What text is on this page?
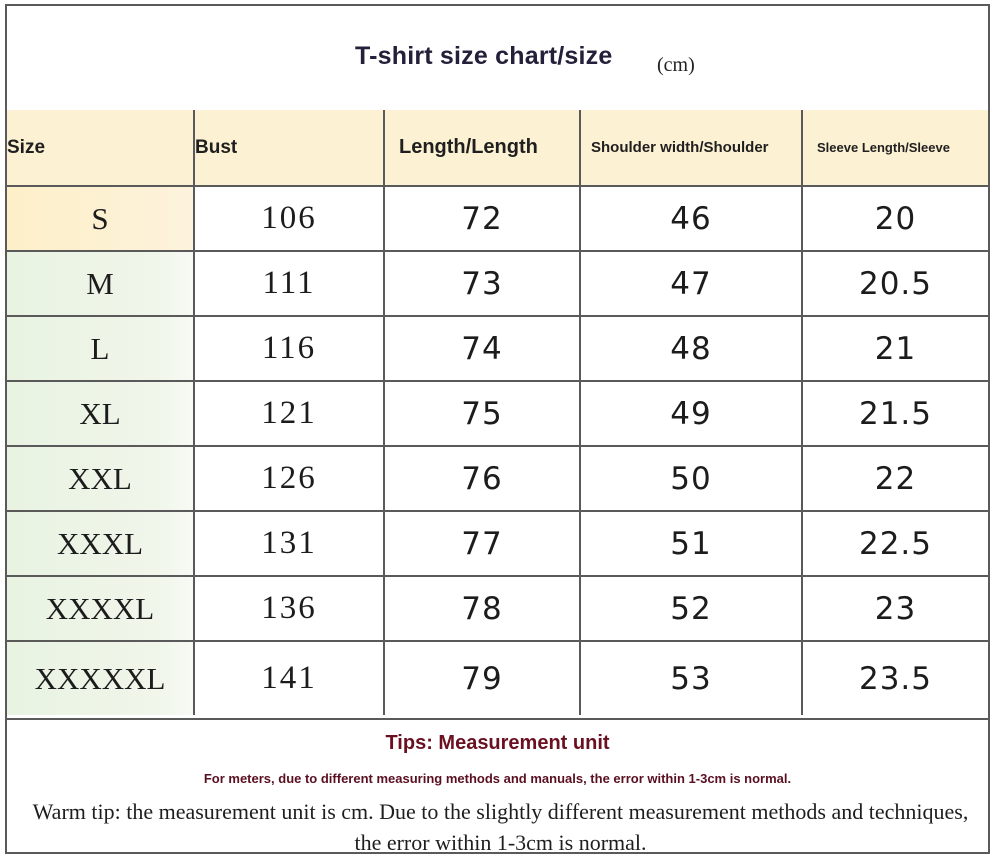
T-shirt size chart/size (cm)
Size	Bust	Length/Length	Shoulder width/Shoulder	Sleeve Length/Sleeve
S	106	72	46	20
M	111	73	47	20.5
L	116	74	48	21
XL	121	75	49	21.5
XXL	126	76	50	22
XXXL	131	77	51	22.5
XXXXL	136	78	52	23
XXXXXL	141	79	53	23.5
Tips: Measurement unit
For meters, due to different measuring methods and manuals, the error within 1-3cm is normal.
Warm tip: the measurement unit is cm. Due to the slightly different measurement methods and techniques, the error within 1-3cm is normal.
